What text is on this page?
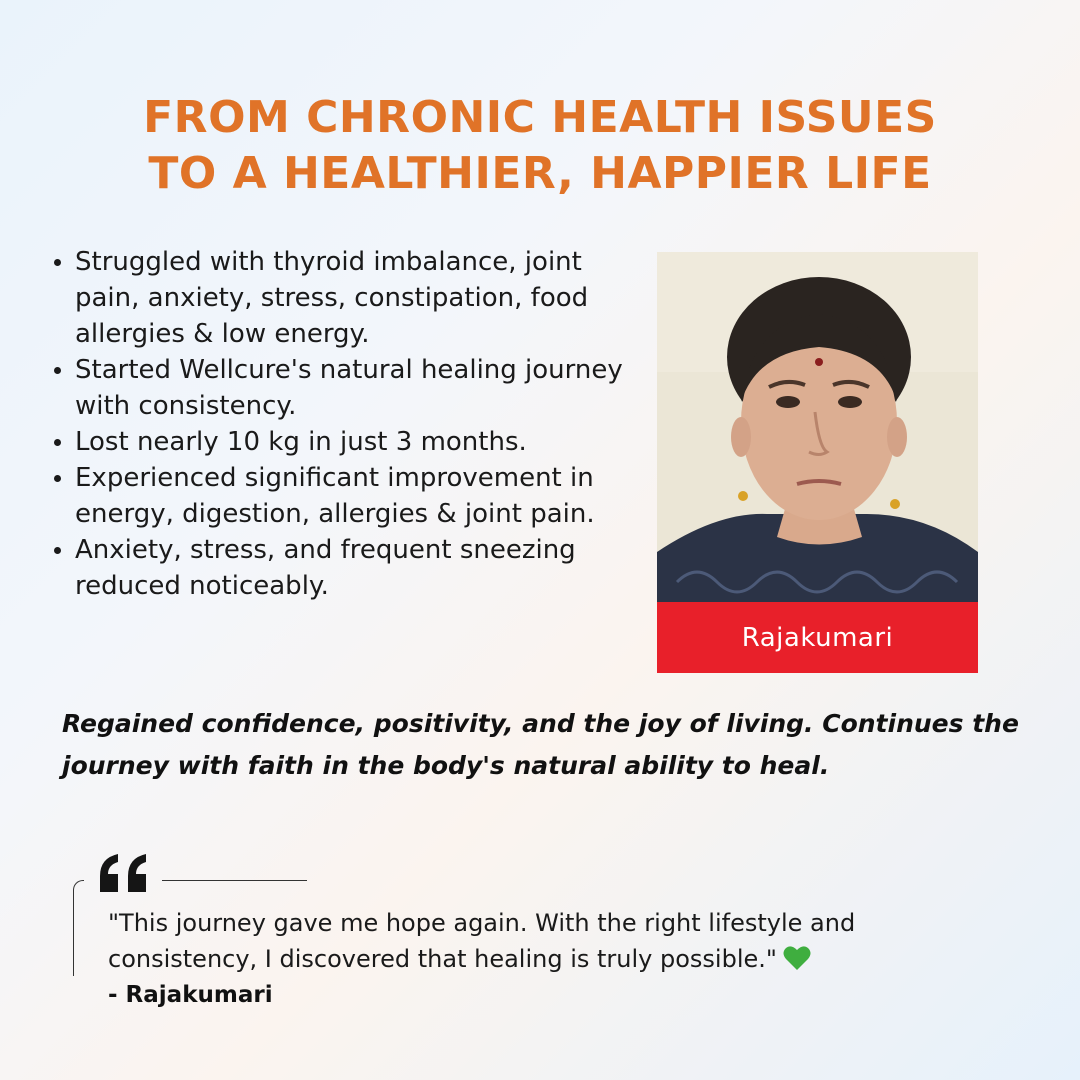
FROM CHRONIC HEALTH ISSUES
TO A HEALTHIER, HAPPIER LIFE
Struggled with thyroid imbalance, joint pain, anxiety, stress, constipation, food allergies & low energy.
Started Wellcure's natural healing journey with consistency.
Lost nearly 10 kg in just 3 months.
Experienced significant improvement in energy, digestion, allergies & joint pain.
Anxiety, stress, and frequent sneezing reduced noticeably.
Rajakumari
Regained confidence, positivity, and the joy of living. Continues the journey with faith in the body's natural ability to heal.
"This journey gave me hope again. With the right lifestyle and consistency, I discovered that healing is truly possible."
- Rajakumari
